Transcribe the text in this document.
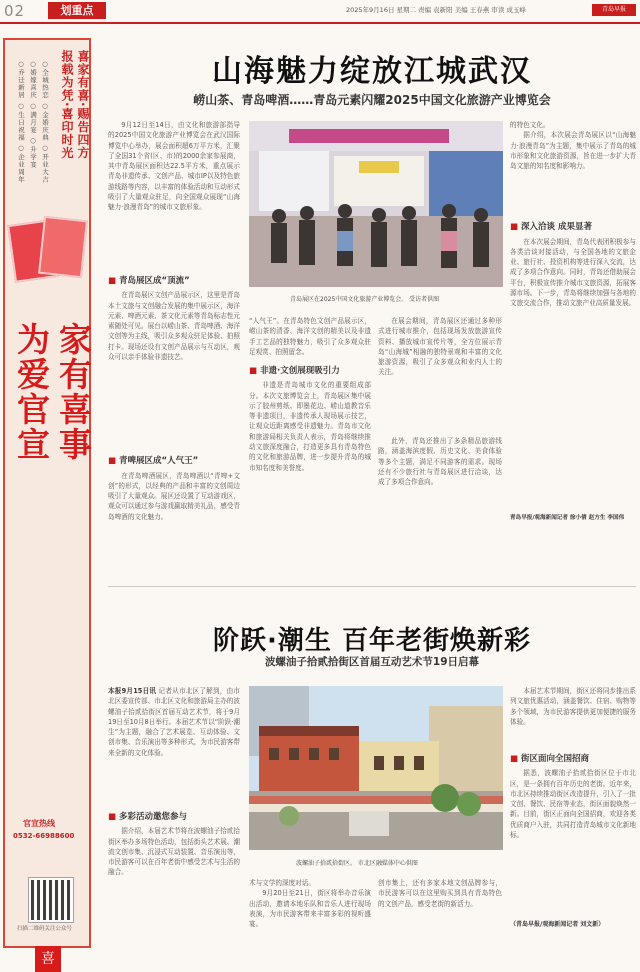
02	划重点	2025年9月16日 星期二 责编 袁新阳 美编 王春燕 审读 成玉峰	青岛早报
喜家有喜·赐告四方
报载为凭·喜印时光
○全城热恋 ○金婚庆典 ○开业大吉
○婚嫁喜庆 ○满月宴 ○升学宴
○乔迁新居 ○生日祝福 ○企业周年
家有喜事
为爱官宣
官宣热线
0532-66988600
扫描二维码关注公众号
喜
山海魅力绽放江城武汉
崂山茶、青岛啤酒……青岛元素闪耀2025中国文化旅游产业博览会
9月12日至14日，由文化和旅游部指导的2025中国文化旅游产业博览会在武汉国际博览中心举办，展会面积超6万平方米，汇聚了全国31个省(区、市)的2000余家参展商，其中青岛展区面积达22.5平方米，重点展示青岛非遗传承、文创产品、城市IP以及特色旅游线路等内容，以丰富的体验活动和互动形式吸引了大量观众驻足，向全国观众展现“山海魅力·浪漫青岛”的城市文旅形象。
■ 青岛展区成“顶流”
在青岛展区文创产品展示区，这里是青岛本土文旅与文创融合发展的集中展示区，海洋元素、啤酒元素、茶文化元素等青岛标志性元素随处可见。展台以崂山茶、青岛啤酒、海洋文创等为主线，吸引众多观众驻足体验、拍照打卡。现场还设有文创产品展示与互动区，观众可以亲手体验非遗技艺。
■ 青啤展区成“人气王”
在青岛啤酒展区，青岛啤酒以“青啤+文创”的形式，以经典的产品和丰富的文创周边吸引了大量观众。展区还设置了互动游戏区，观众可以通过参与游戏赢取精美礼品，感受青岛啤酒的文化魅力。
青岛展区在2025中国文化旅游产业博览会。 受访者供图
“人气王”。在青岛特色文创产品展示区，崂山茶的清香、海洋文创的精美以及非遗手工艺品的独特魅力，吸引了众多观众驻足观赏、拍照留念。
■ 非遗·文创展现吸引力
非遗是青岛城市文化的重要组成部分。本次文旅博览会上，青岛展区集中展示了胶州剪纸、即墨花边、崂山道教音乐等非遗项目，非遗传承人现场展示技艺，让观众近距离感受非遗魅力。青岛市文化和旅游局相关负责人表示，青岛将继续推动文旅深度融合，打造更多具有青岛特色的文化和旅游品牌，进一步提升青岛的城市知名度和美誉度。
在展会期间，青岛展区还通过多种形式进行城市推介，包括现场发放旅游宣传资料、播放城市宣传片等，全方位展示青岛“山海城”相融的独特景观和丰富的文化旅游资源，吸引了众多观众和业内人士的关注。
此外，青岛还推出了多条精品旅游线路，涵盖海滨度假、历史文化、美食体验等多个主题，满足不同游客的需求。现场还有不少旅行社与青岛展区进行洽谈，达成了多项合作意向。
的特色文化。
据介绍，本次展会青岛展区以“山海魅力·浪漫青岛”为主题，集中展示了青岛的城市形象和文化旅游资源，旨在进一步扩大青岛文旅的知名度和影响力。
■ 深入洽谈 成果显著
在本次展会期间，青岛代表团积极参与各类洽谈对接活动，与全国各地的文旅企业、旅行社、投资机构等进行深入交流，达成了多项合作意向。同时，青岛还借助展会平台，积极宣传推介城市文旅资源，拓展客源市场。下一步，青岛将继续加强与各地的文旅交流合作，推动文旅产业高质量发展。
青岛早报/观海新闻记者 徐小倩 赵方生 李国伟
阶跃·潮生 百年老街焕新彩
波螺油子拾贰拾街区首届互动艺术节19日启幕
本报9月15日讯 记者从市北区了解到，由市北区委宣传部、市北区文化和旅游局主办的波螺油子拾贰拾街区首届互动艺术节，将于9月19日至10月8日举行。本届艺术节以“阶跃·潮生”为主题，融合了艺术展览、互动体验、文创市集、音乐演出等多种形式，为市民游客带来全新的文化体验。
■ 多彩活动邀您参与
据介绍，本届艺术节将在波螺油子拾贰拾街区举办多场特色活动，包括街头艺术展、潮流文创市集、沉浸式互动装置、音乐演出等，市民游客可以在百年老街中感受艺术与生活的融合。
波螺油子拾贰拾街区。 市北区融媒体中心供图
术与文学的深度对话。
9月20日至21日，街区将举办音乐演出活动，邀请本地乐队和音乐人进行现场表演，为市民游客带来丰富多彩的视听盛宴。
创市集上，还有多家本地文创品牌参与，市民游客可以在这里购买到具有青岛特色的文创产品，感受老街的新活力。
本届艺术节期间，街区还将同步推出系列文旅优惠活动，涵盖餐饮、住宿、购物等多个领域，为市民游客提供更加便捷的服务体验。
■ 街区面向全国招商
据悉，波螺油子拾贰拾街区位于市北区，是一条拥有百年历史的老街。近年来，市北区持续推动街区改造提升，引入了一批文创、餐饮、民宿等业态，街区面貌焕然一新。目前，街区正面向全国招商，欢迎各类优质商户入驻，共同打造青岛城市文化新地标。
（青岛早报/观海新闻记者 刘文新）
